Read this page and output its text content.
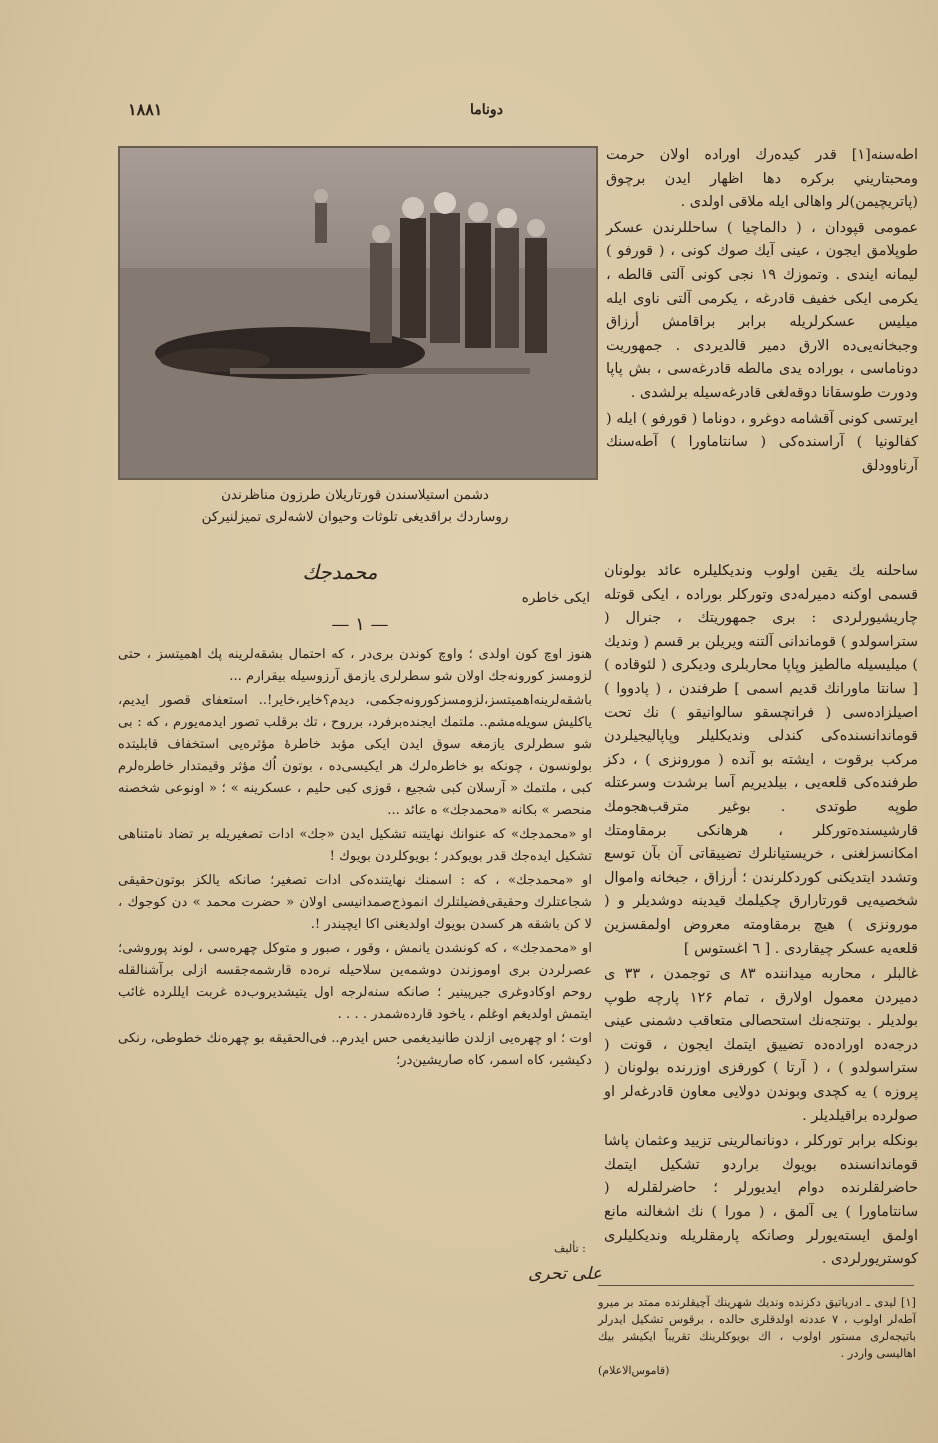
١٨٨١	دوناما

اطه‌سنه[١] قدر کیده‌رك اوراده اولان حرمت ومحبتاریني برکره دها اظهار ایدن برچوق (پاتریچیمن)لر واهالی ایله ملاقی اولدی .

عمومی قپودان ، ( دالماچیا ) ساحللرندن عسکر طوپلامق ایجون ، عینی آیك صوك کونی ، ( قورفو ) لیمانه ایندی . وتموزك ۱۹ نجی کونی آلتی قالطه ، یکرمی ایکی خفیف قادرغه ، یکرمی آلتی ناوی ایله میلیس عسکرلریله برابر براقامش أرزاق وجبخانه‌یی‌ده الارق دمیر قالدیردی . جمهوریت دوناماسی ، بوراده یدی مالطه قادرغه‌سی ، بش پاپا ودورت طوسقانا دوقه‌لغی قادرغه‌سیله برلشدی .

ایرتسی کونی آقشامه دوغرو ، دوناما ( قورفو ) ایله ( کفالونیا ) آراسنده‌کی ( سانتاماورا ) آطه‌سنك آرناوودلق

دشمن استیلاسندن قورتاریلان طرزون مناظرندن
روساردك براقدیغی تلوثات وحیوان لاشه‌لری تمیزلنیرکن

ساحلنه یك یقین اولوب وندیکلیلره عائد بولونان قسمی اوکنه دمیرله‌دی وتورکلر بوراده ، ایکی قوتله چاریشیورلردی : بری جمهوریتك ، جنرال ( ستراسولدو ) قوماندانی آلتنه ویریلن بر قسم ( وندیك ) میلیسیله مالطیز وپاپا محاربلری ودیکری ( لئوقاده ) [ سانتا ماورانك قدیم اسمی ] طرفندن ، ( پادووا ) اصیلزاده‌سی ( فرانچسقو سالوانیقو ) نك تحت قوماندانسنده‌کی کندلی وندیکلیلر وپاپالیجیلردن مرکب برقوت ، ایشته بو آنده ( مورونزی ) ، دکز طرفنده‌کی قلعه‌یی ، بیلدیریم آسا برشدت وسرعتله طوپه طوتدی . بوغیر مترقب‌هجومك قارشیسنده‌تورکلر ، هرهانکی برمقاومتك امکانسزلغنی ، خریستیانلرك تضییقاتی آن بآن توسع وتشدد ایتدیکنی کوردکلرندن ؛ أرزاق ، جبخانه واموال شخصیه‌یی قورتارارق چکیلمك قیدینه دوشدیلر و ( مورونزی ) هیچ برمقاومته معروض اولمقسزین قلعه‌یه عسکر چیقاردی . [ ٦ اغستوس ]

غالبلر ، محاربه میداننده ۸۳ ی توجمدن ، ۳۳ ی دمیردن معمول اولارق ، تمام ۱۲۶ پارچه طوپ بولدیلر . بوتنجه‌نك استحصالی متعاقب دشمنی عینی درجه‌ده اوراده‌ده تضییق ایتمك ایجون ، قونت ( ستراسولدو ) ، ( آرتا ) کورفزی اوزرنده بولونان ( پروزه ) یه کچدی وبوندن دولایی معاون قادرغه‌لر او صولرده براقیلدیلر .

بونکله برابر تورکلر ، دونانمالرینی تزیید وعثمان پاشا قوماندانسنده بویوك براردو تشکیل ایتمك حاضرلقلرنده دوام ایدیورلر ؛ حاضرلقلرله ( سانتاماورا ) یی آلمق ، ( مورا ) نك اشغالنه مانع اولمق ایسته‌یورلر وصانکه پارمقلریله وندیکلیلری کوستریورلردی .

تأليف :
علی تحری
[١] لیدی ـ ادریاتیق دکزنده وندیك شهرینك آچیقلرنده ممتد بر میرو آطه‌لر اولوب ، ۷ عددنه اولدقلری حالده ، برقوس تشکیل ایدرلر باتیجه‌لری مستور اولوب ، اك بویوکلرینك تقریباً ایکیشر بیك اهالیسی واردر .
(قاموس‌الاعلام)
محمدجك
ایکی خاطره
— ١ —

هنوز اوچ کون اولدی ؛ واوچ کوندن بری‌در ، که احتمال بشقه‌لرینه پك اهمیتسز ، حتی لزومسز کورونه‌جك اولان شو سطرلری یازمق آرزوسیله بیقرارم ...

باشقه‌لرینه‌اهمیتسز،لزومسز‌کورونه‌جکمی، دیدم؟خایر،خایر!.. استعفای قصور ایدیم، یاکلیش سویله‌مشم.. ملتمك ایجنده‌برفرد، برروح ، تك برقلب تصور ایدمه‌یورم ، که : بی شو سطرلری یازمغه سوق ایدن ایکی مؤبد خاطرهٔ مؤثره‌یی استخفاف قابلیتده بولونسون ، چونکه بو خاطره‌لرك هر ایکیسی‌ده ، بوتون اُك مؤثر وقیمتدار خاطره‌لرم کبی ، ملتمك « آرسلان کبی شجیع ، قوزی کبی حلیم ، عسکرینه » ؛ « اونوعی شخصنه منحصر » بکانه «محمدجك» ه عائد ...

او «محمدجك» که عنوانك نهایتنه تشکیل ایدن «جك» ادات تصغیریله بر تضاد نامتناهی تشکیل ایده‌جك قدر بویوكدر ؛ بویوکلردن بویوك !

او «محمدجك» ، که : اسمنك نهایتنده‌کی ادات تصغیر؛ صانکه یالکز بوتون‌حقیقی شجاعتلرك وحقیقی‌فضیلتلرك انموذج‌صمدانیسی اولان « حضرت محمد » دن کوجوك ، لا کن باشقه هر کسدن بویوك اولدیغنی اکا ایچیندر !.

او «محمدجك» ، که کونشدن یانمش ، وقور ، صبور و متوکل چهره‌سی ، لوند پوروشی؛ عصرلردن بری اوموزندن دوشمه‌ین سلاحیله نره‌ده قارشمه‌جقسه ازلی برآشنالقله روحم اوکادوغری جیرپینیر ؛ صانکه سنه‌لرجه اول یتیشدیروب‌ده غربت ایللرده غائب ایتمش اولدیغم اوغلم ، یاخود قارده‌شمدر . . . .

اوت ؛ او چهره‌یی ازلدن طانیدیغمی حس ایدرم.. فی‌الحقیقه بو چهره‌نك خطوطی، رنکی دکیشیر، کاه اسمر، کاه صاریشین‌در؛
